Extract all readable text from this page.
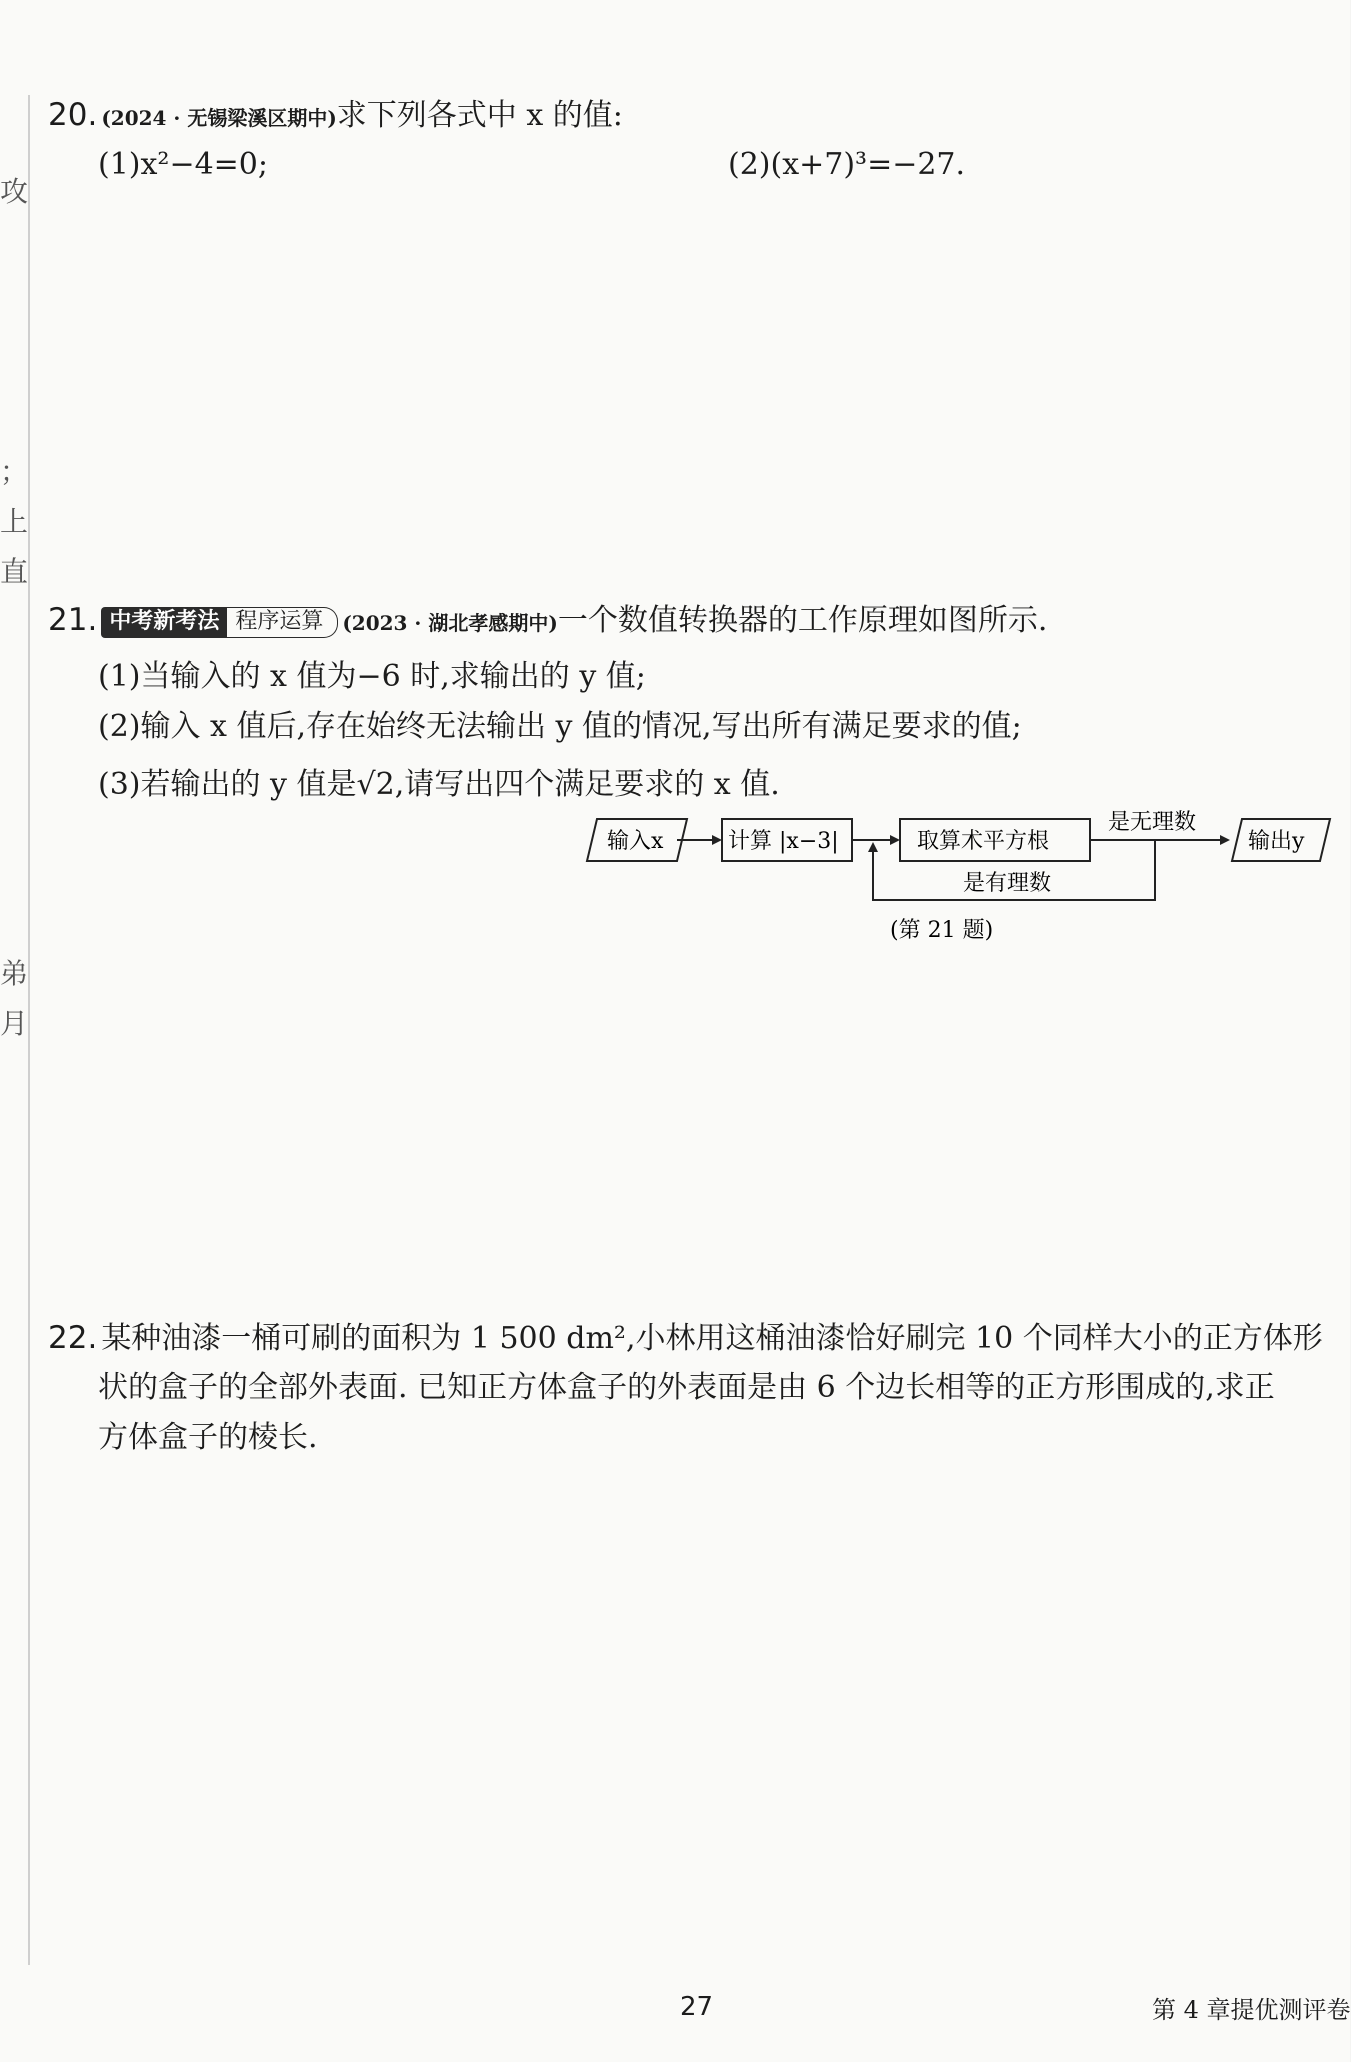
攻
；
上
直
弟
月
20. (2024 · 无锡梁溪区期中)求下列各式中 x 的值:
(1)x²−4=0;	(2)(x+7)³=−27.
21. 中考新考法 程序运算 (2023 · 湖北孝感期中)一个数值转换器的工作原理如图所示.
(1)当输入的 x 值为−6 时,求输出的 y 值;
(2)输入 x 值后,存在始终无法输出 y 值的情况,写出所有满足要求的值;
(3)若输出的 y 值是√2,请写出四个满足要求的 x 值.
输入x	计算 |x−3|	取算术平方根
是无理数
输出y
是有理数
(第 21 题)
22. 某种油漆一桶可刷的面积为 1 500 dm²,小林用这桶油漆恰好刷完 10 个同样大小的正方体形
状的盒子的全部外表面. 已知正方体盒子的外表面是由 6 个边长相等的正方形围成的,求正
方体盒子的棱长.
27	第 4 章提优测评卷
